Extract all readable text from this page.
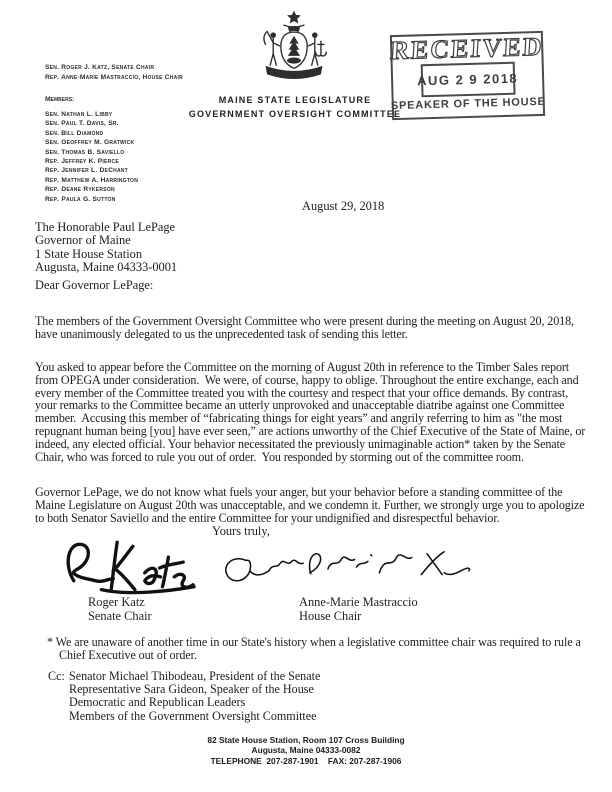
Sen. Roger J. Katz, Senate Chair
Rep. Anne-Marie Mastraccio, House Chair
Members:
Sen. Nathan L. Libby
Sen. Paul T. Davis, Sr.
Sen. Bill Diamond
Sen. Geoffrey M. Gratwick
Sen. Thomas B. Saviello
Rep. Jeffrey K. Pierce
Rep. Jennifer L. DeChant
Rep. Matthew A. Harrington
Rep. Deane Rykerson
Rep. Paula G. Sutton
MAINE STATE LEGISLATURE
GOVERNMENT OVERSIGHT COMMITTEE
RECEIVED
AUG 2 9 2018
SPEAKER OF THE HOUSE
August 29, 2018
The Honorable Paul LePage
Governor of Maine
1 State House Station
Augusta, Maine 04333-0001
Dear Governor LePage:

The members of the Government Oversight Committee who were present during the meeting on August 20, 2018, have unanimously delegated to us the unprecedented task of sending this letter.

You asked to appear before the Committee on the morning of August 20th in reference to the Timber Sales report from OPEGA under consideration.  We were, of course, happy to oblige. Throughout the entire exchange, each and every member of the Committee treated you with the courtesy and respect that your office demands. By contrast, your remarks to the Committee became an utterly unprovoked and unacceptable diatribe against one Committee member.  Accusing this member of “fabricating things for eight years” and angrily referring to him as "the most repugnant human being [you] have ever seen,” are actions unworthy of the Chief Executive of the State of Maine, or indeed, any elected official. Your behavior necessitated the previously unimaginable action* taken by the Senate Chair, who was forced to rule you out of order.  You responded by storming out of the committee room.

Governor LePage, we do not know what fuels your anger, but your behavior before a standing committee of the Maine Legislature on August 20th was unacceptable, and we condemn it. Further, we strongly urge you to apologize to both Senator Saviello and the entire Committee for your undignified and disrespectful behavior.

Yours truly,
Roger Katz
Senate Chair
Anne-Marie Mastraccio
House Chair
* We are unaware of another time in our State's history when a legislative committee chair was required to rule a Chief Executive out of order.
Cc: Senator Michael Thibodeau, President of the Senate
Representative Sara Gideon, Speaker of the House
Democratic and Republican Leaders
Members of the Government Oversight Committee
82 State House Station, Room 107 Cross Building
Augusta, Maine 04333-0082
TELEPHONE  207-287-1901    FAX: 207-287-1906
